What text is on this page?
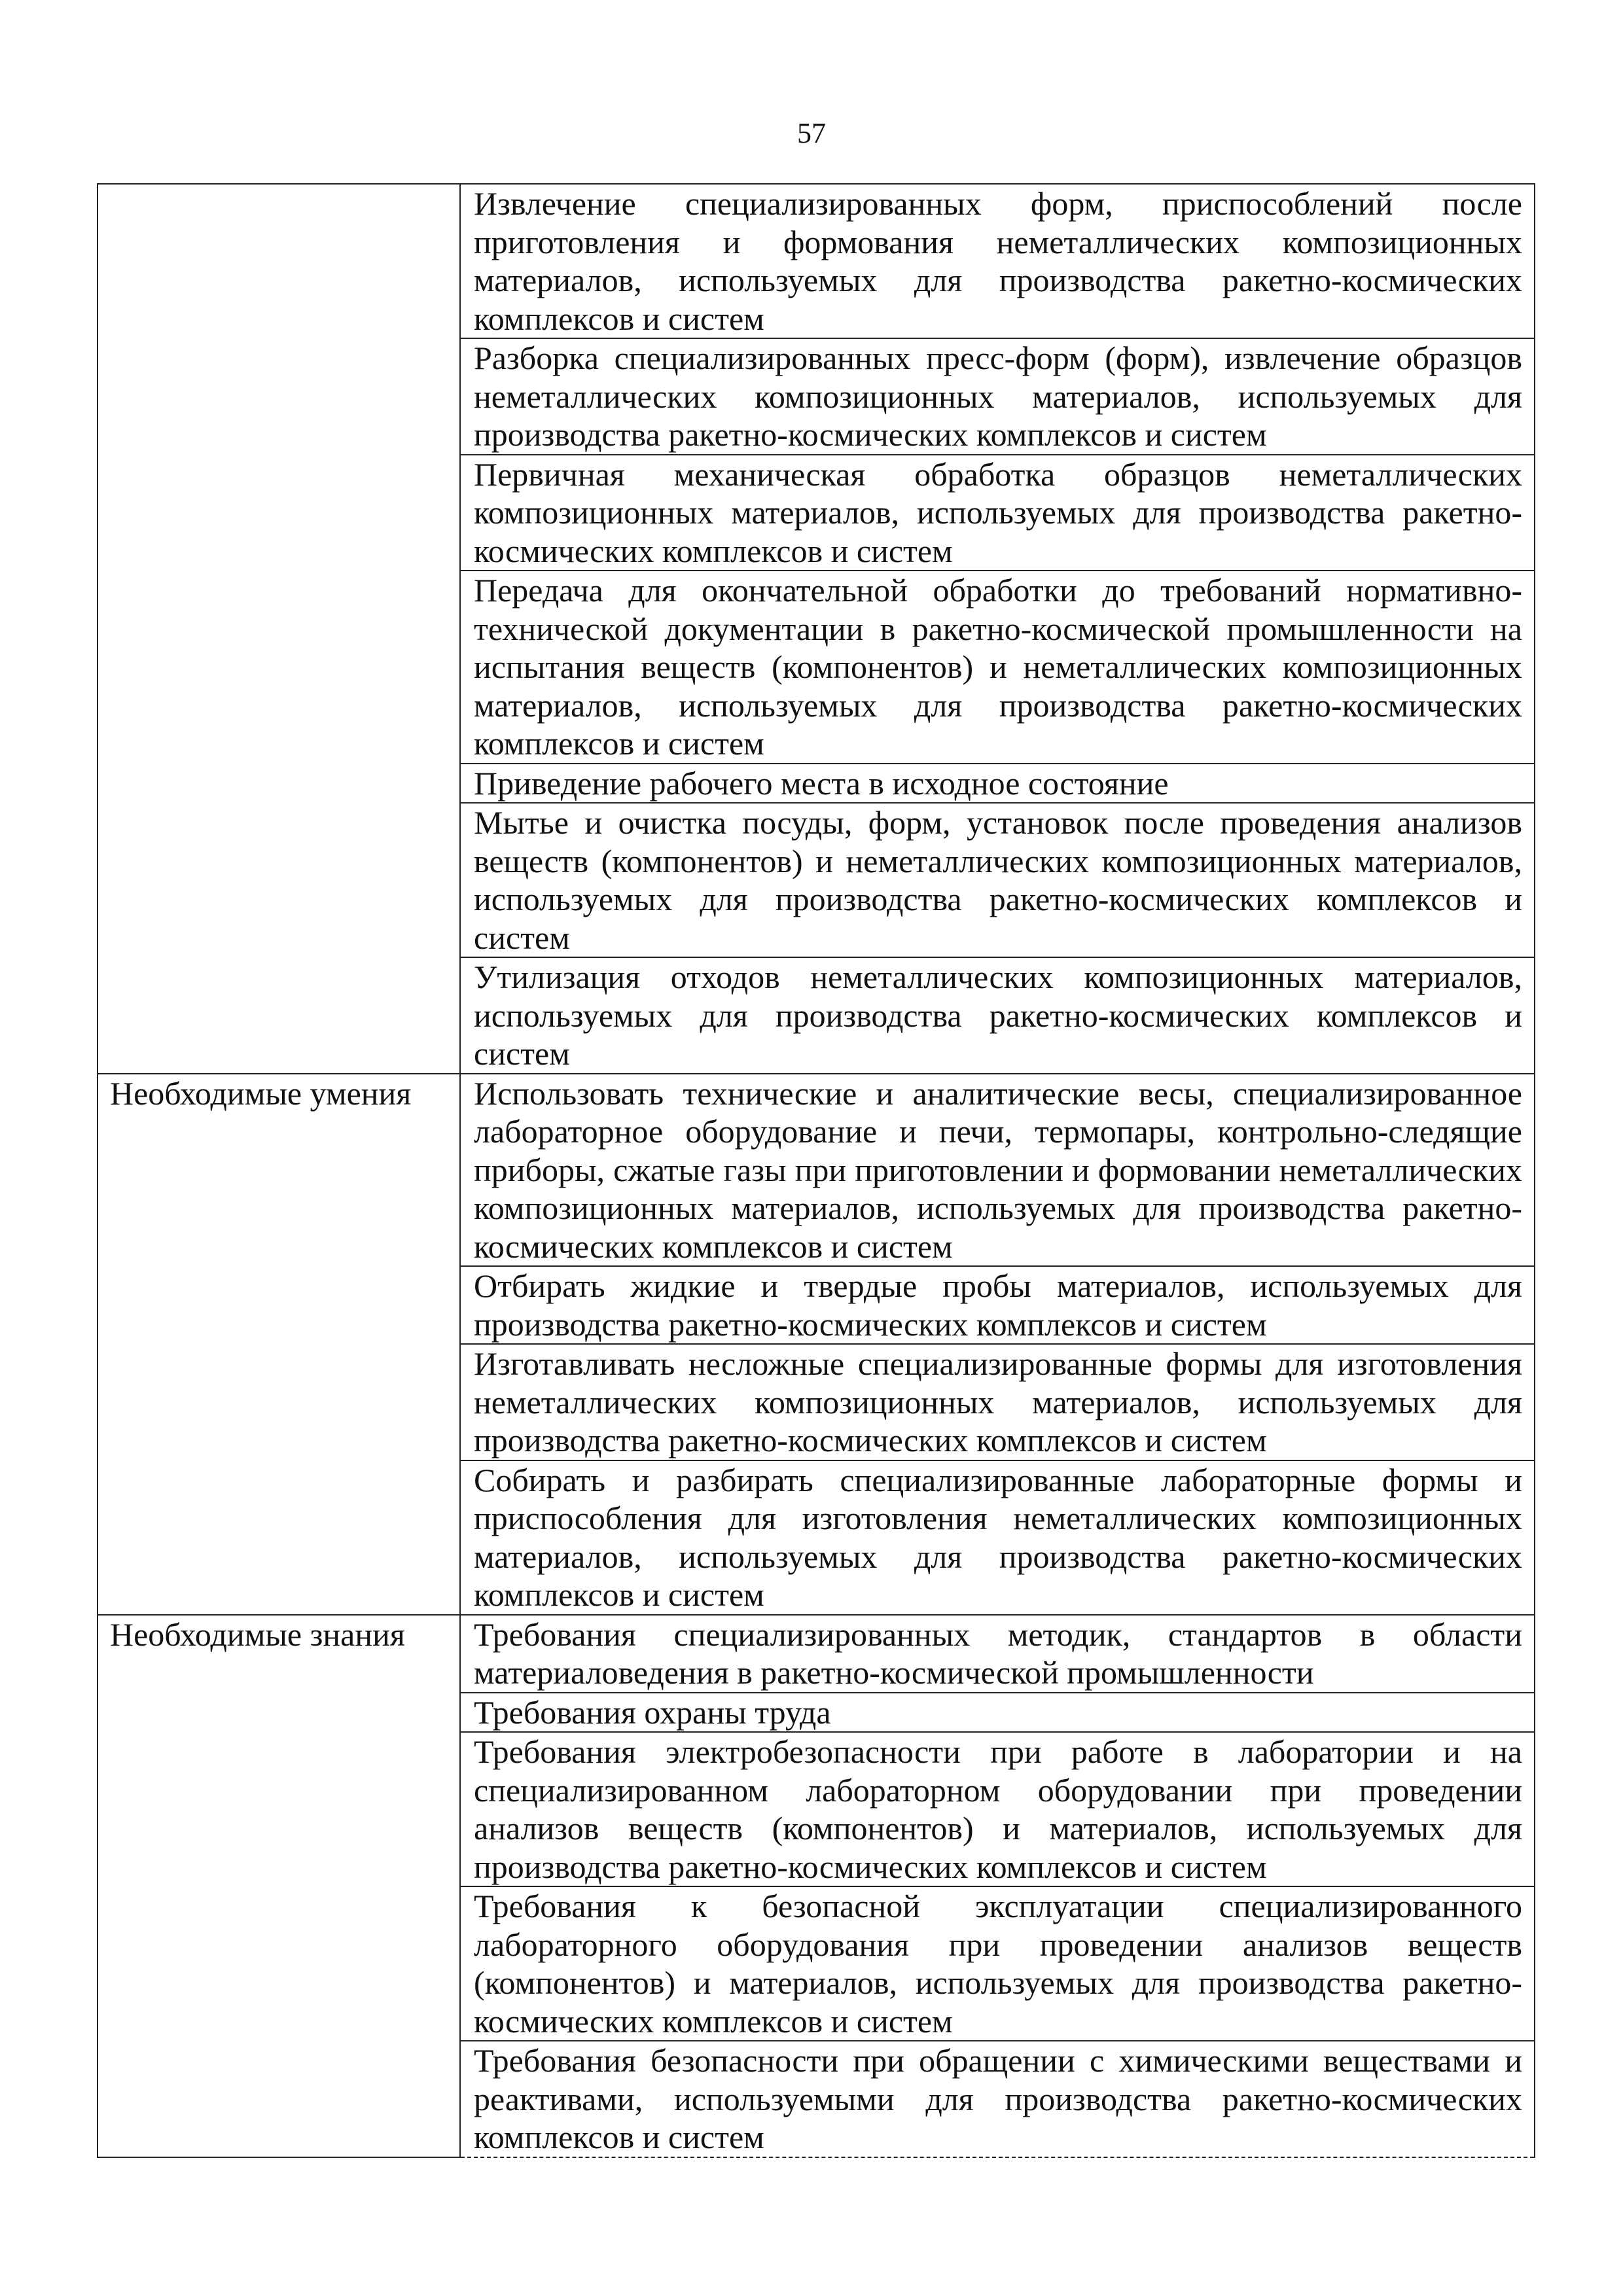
57
	Извлечение специализированных форм, приспособлений после приготовления и формования неметаллических композиционных материалов, используемых для производства ракетно-космических комплексов и систем
	Разборка специализированных пресс-форм (форм), извлечение образцов неметаллических композиционных материалов, используемых для производства ракетно-космических комплексов и систем
	Первичная механическая обработка образцов неметаллических композиционных материалов, используемых для производства ракетно-космических комплексов и систем
	Передача для окончательной обработки до требований нормативно-технической документации в ракетно-космической промышленности на испытания веществ (компонентов) и неметаллических композиционных материалов, используемых для производства ракетно-космических комплексов и систем
	Приведение рабочего места в исходное состояние
	Мытье и очистка посуды, форм, установок после проведения анализов веществ (компонентов) и неметаллических композиционных материалов, используемых для производства ракетно-космических комплексов и систем
	Утилизация отходов неметаллических композиционных материалов, используемых для производства ракетно-космических комплексов и систем
Необходимые умения	Использовать технические и аналитические весы, специализированное лабораторное оборудование и печи, термопары, контрольно-следящие приборы, сжатые газы при приготовлении и формовании неметаллических композиционных материалов, используемых для производства ракетно-космических комплексов и систем
	Отбирать жидкие и твердые пробы материалов, используемых для производства ракетно-космических комплексов и систем
	Изготавливать несложные специализированные формы для изготовления неметаллических композиционных материалов, используемых для производства ракетно-космических комплексов и систем
	Собирать и разбирать специализированные лабораторные формы и приспособления для изготовления неметаллических композиционных материалов, используемых для производства ракетно-космических комплексов и систем
Необходимые знания	Требования специализированных методик, стандартов в области материаловедения в ракетно-космической промышленности
	Требования охраны труда
	Требования электробезопасности при работе в лаборатории и на специализированном лабораторном оборудовании при проведении анализов веществ (компонентов) и материалов, используемых для производства ракетно-космических комплексов и систем
	Требования к безопасной эксплуатации специализированного лабораторного оборудования при проведении анализов веществ (компонентов) и материалов, используемых для производства ракетно-космических комплексов и систем
	Требования безопасности при обращении с химическими веществами и реактивами, используемыми для производства ракетно-космических комплексов и систем
